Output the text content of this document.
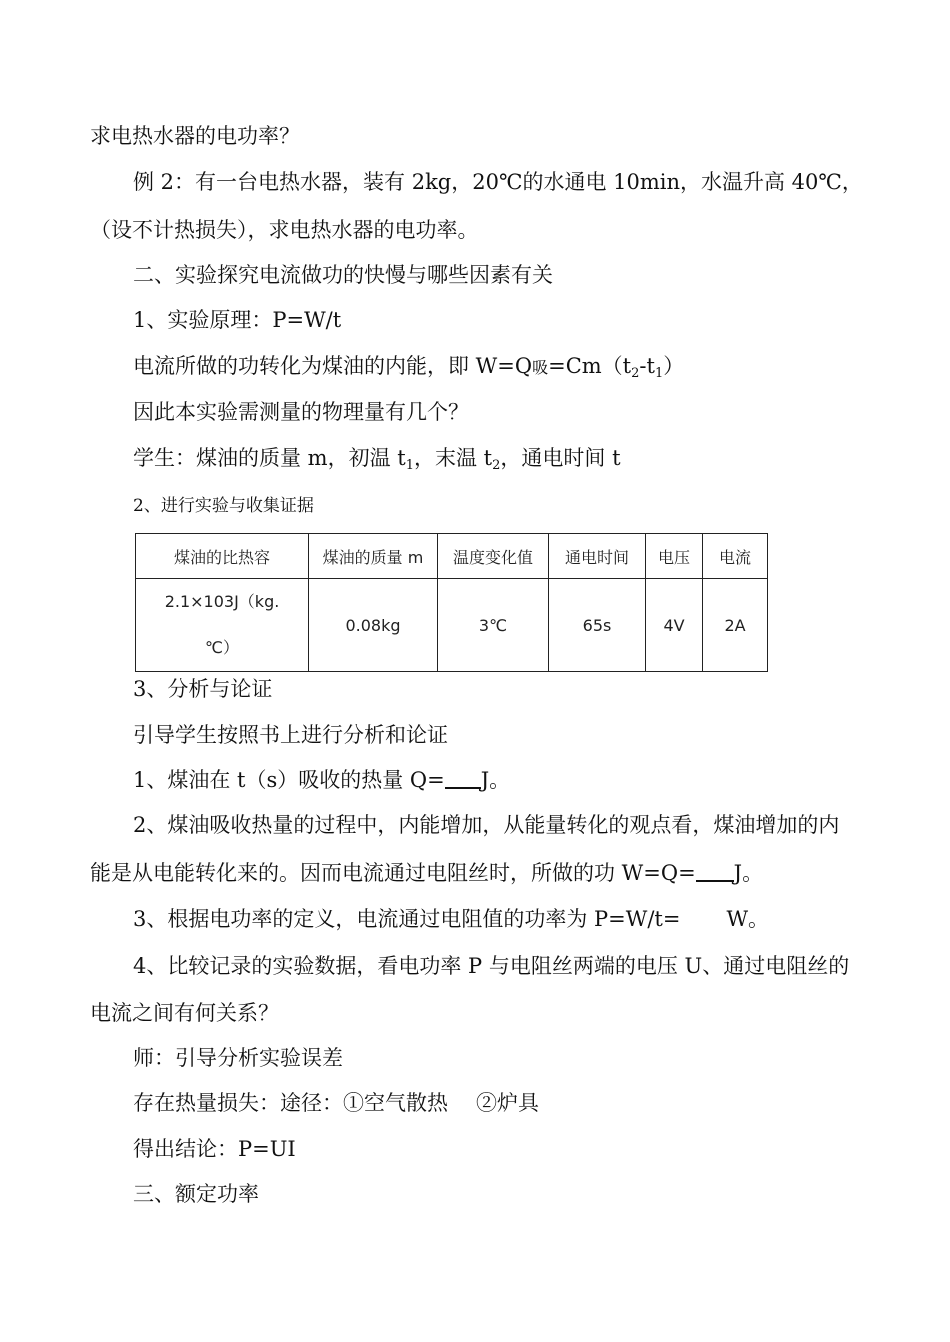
求电热水器的电功率？
例 2：有一台电热水器，装有 2kg，20℃的水通电 10min，水温升高 40℃，
（设不计热损失），求电热水器的电功率。
二、实验探究电流做功的快慢与哪些因素有关
1、实验原理：P=W/t
电流所做的功转化为煤油的内能，即 W=Q吸$=Cm(t_2-t_1)$
因此本实验需测量的物理量有几个？
学生：煤油的质量 m，初温 $t_1$，末温 $t_2$，通电时间 t
2、进行实验与收集证据
煤油的比热容	煤油的质量 m	温度变化值	通电时间	电压	电流
2.1×103J（kg.
℃）	0.08kg	3℃	65s	4V	2A
3、分析与论证
引导学生按照书上进行分析和论证
1、煤油在 t（s）吸收的热量 Q= J。
2、煤油吸收热量的过程中，内能增加，从能量转化的观点看，煤油增加的内
能是从电能转化来的。因而电流通过电阻丝时，所做的功 W=Q= J。
3、根据电功率的定义，电流通过电阻值的功率为 P=W/t= W。
4、比较记录的实验数据，看电功率 P 与电阻丝两端的电压 U、通过电阻丝的
电流之间有何关系？
师：引导分析实验误差
存在热量损失：途径：①空气散热 ②炉具
得出结论：P=UI
三、额定功率
